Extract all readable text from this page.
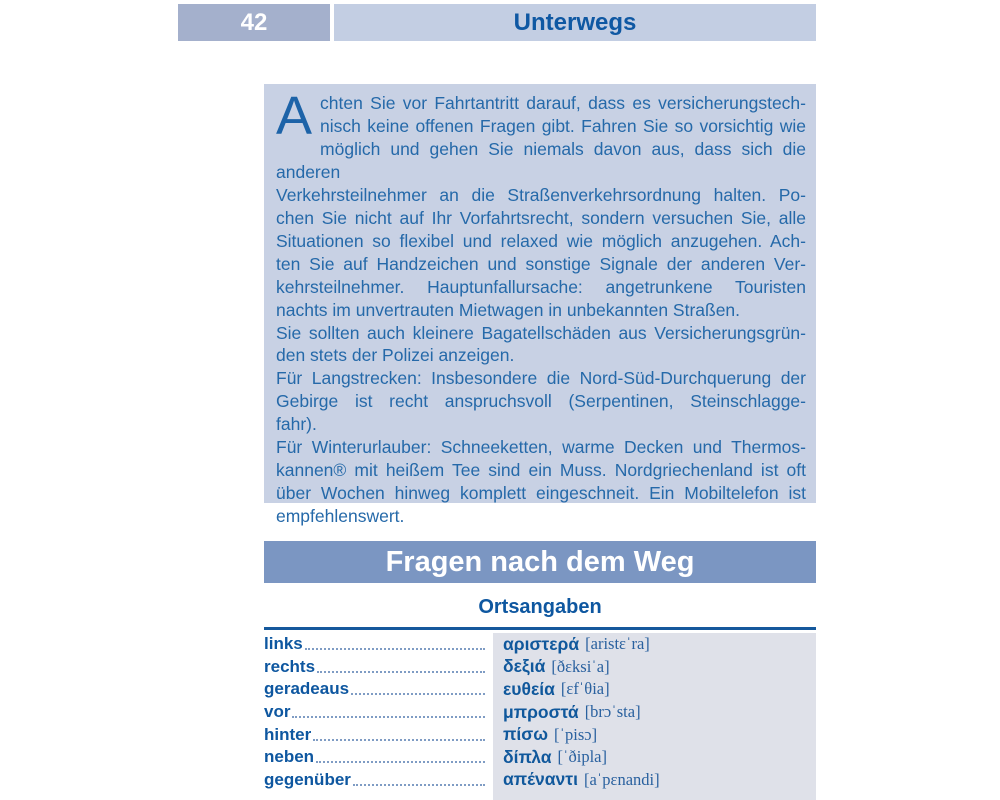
42	Unterwegs
A chten Sie vor Fahrtantritt darauf, dass es versicherungstech-
nisch keine offenen Fragen gibt. Fahren Sie so vorsichtig wie
möglich und gehen Sie niemals davon aus, dass sich die anderen
Verkehrsteilnehmer an die Straßenverkehrsordnung halten. Po-
chen Sie nicht auf Ihr Vorfahrtsrecht, sondern versuchen Sie, alle
Situationen so flexibel und relaxed wie möglich anzugehen. Ach-
ten Sie auf Handzeichen und sonstige Signale der anderen Ver-
kehrsteilnehmer. Hauptunfallursache: angetrunkene Touristen
nachts im unvertrauten Mietwagen in unbekannten Straßen.
Sie sollten auch kleinere Bagatellschäden aus Versicherungsgrün-
den stets der Polizei anzeigen.
Für Langstrecken: Insbesondere die Nord-Süd-Durchquerung der
Gebirge ist recht anspruchsvoll (Serpentinen, Steinschlagge-
fahr).
Für Winterurlauber: Schneeketten, warme Decken und Thermos-
kannen® mit heißem Tee sind ein Muss. Nordgriechenland ist oft
über Wochen hinweg komplett eingeschneit. Ein Mobiltelefon ist
empfehlenswert.
Fragen nach dem Weg
Ortsangaben
links	αριστερά [aristɛˈra]
rechts	δεξιά [ðɛksiˈa]
geradeaus	ευθεία [ɛfˈθia]
vor	μπροστά [brɔˈsta]
hinter	πίσω [ˈpisɔ]
neben	δίπλα [ˈðipla]
gegenüber	απέναντι [aˈpɛnandi]
